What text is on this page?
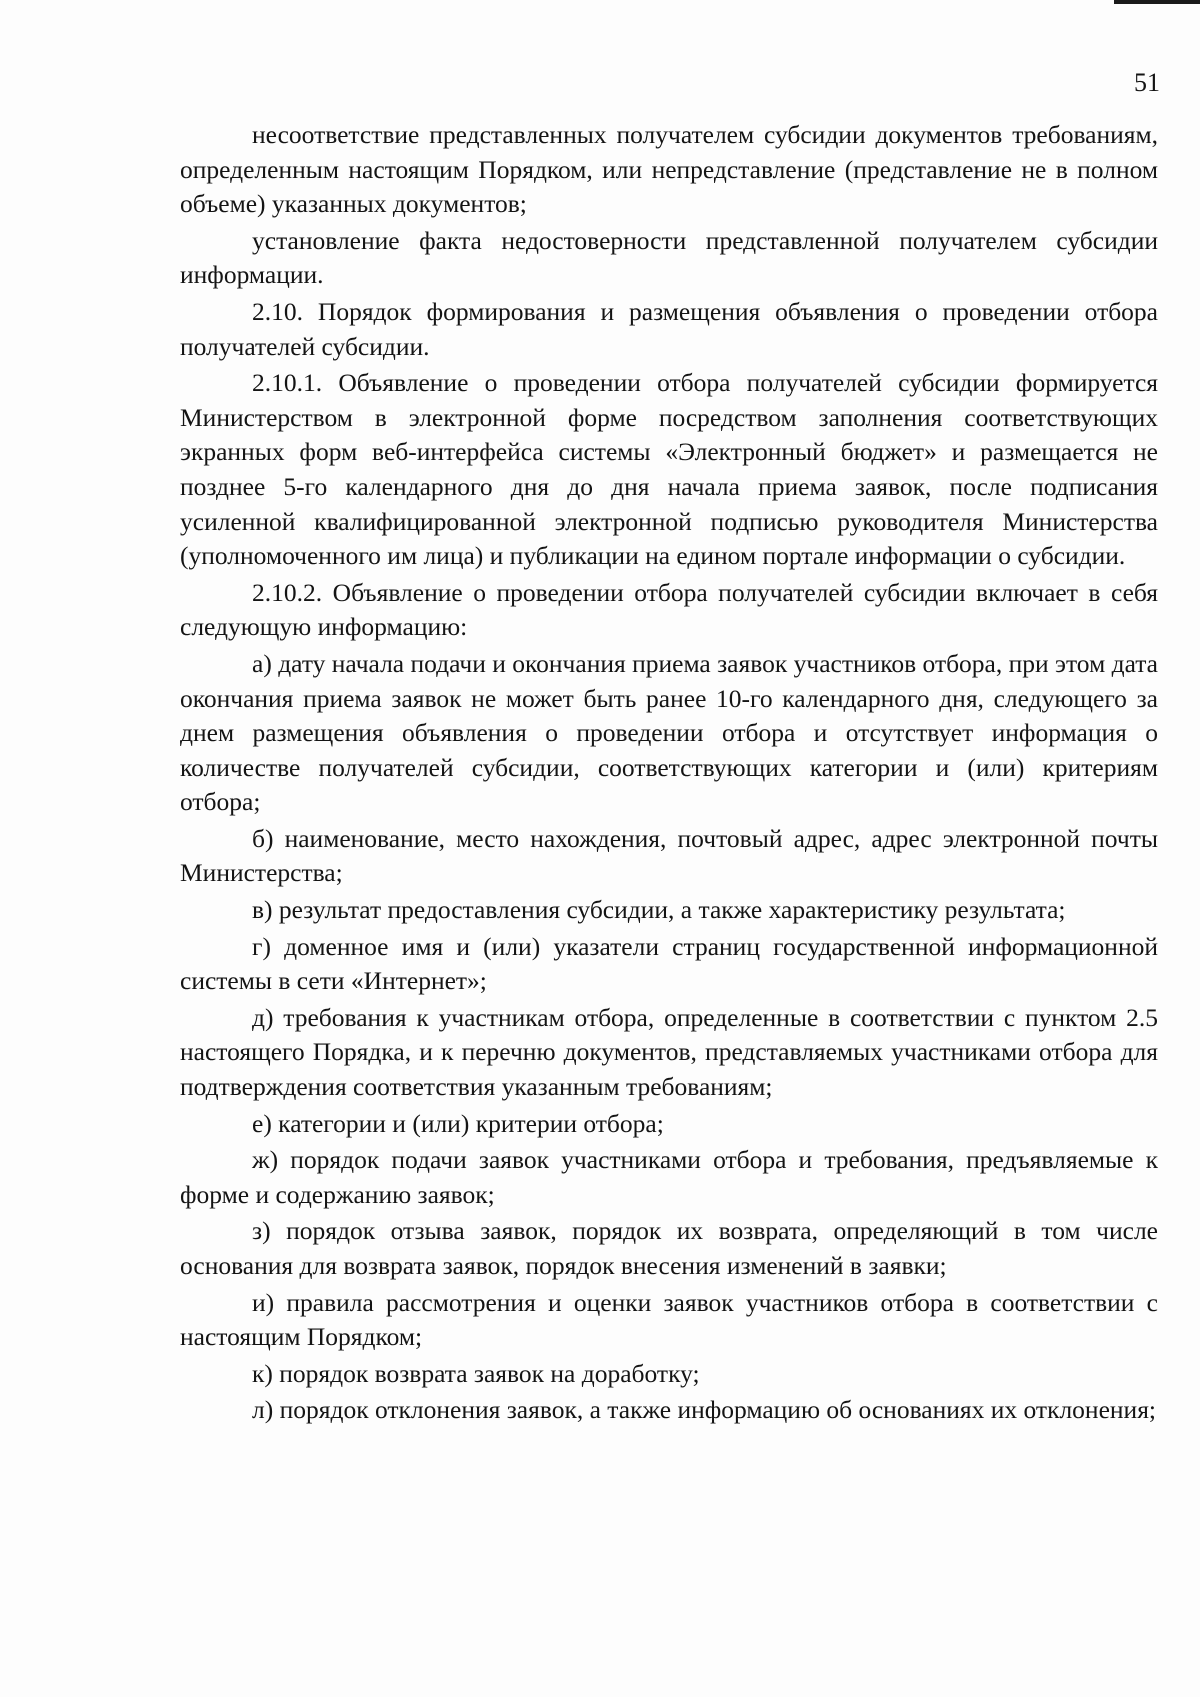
51

несоответствие представленных получателем субсидии документов требованиям, определенным настоящим Порядком, или непредставление (представление не в полном объеме) указанных документов;

установление факта недостоверности представленной получателем субсидии информации.

2.10. Порядок формирования и размещения объявления о проведении отбора получателей субсидии.

2.10.1. Объявление о проведении отбора получателей субсидии формируется Министерством в электронной форме посредством заполнения соответствующих экранных форм веб-интерфейса системы «Электронный бюджет» и размещается не позднее 5-го календарного дня до дня начала приема заявок, после подписания усиленной квалифицированной электронной подписью руководителя Министерства (уполномоченного им лица) и публикации на едином портале информации о субсидии.

2.10.2. Объявление о проведении отбора получателей субсидии включает в себя следующую информацию:

а) дату начала подачи и окончания приема заявок участников отбора, при этом дата окончания приема заявок не может быть ранее 10-го календарного дня, следующего за днем размещения объявления о проведении отбора и отсутствует информация о количестве получателей субсидии, соответствующих категории и (или) критериям отбора;

б) наименование, место нахождения, почтовый адрес, адрес электронной почты Министерства;

в) результат предоставления субсидии, а также характеристику результата;

г) доменное имя и (или) указатели страниц государственной информационной системы в сети «Интернет»;

д) требования к участникам отбора, определенные в соответствии с пунктом 2.5 настоящего Порядка, и к перечню документов, представляемых участниками отбора для подтверждения соответствия указанным требованиям;

е) категории и (или) критерии отбора;

ж) порядок подачи заявок участниками отбора и требования, предъявляемые к форме и содержанию заявок;

з) порядок отзыва заявок, порядок их возврата, определяющий в том числе основания для возврата заявок, порядок внесения изменений в заявки;

и) правила рассмотрения и оценки заявок участников отбора в соответствии с настоящим Порядком;

к) порядок возврата заявок на доработку;

л) порядок отклонения заявок, а также информацию об основаниях их отклонения;
